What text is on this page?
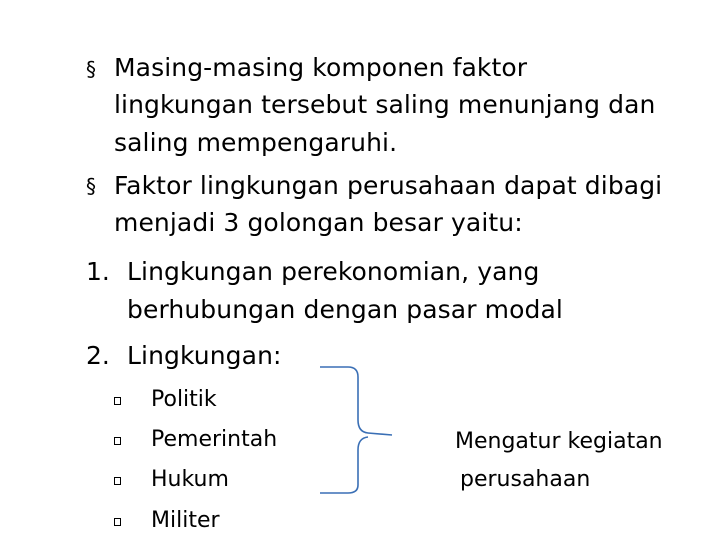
§ Masing-masing komponen faktor
lingkungan tersebut saling menunjang dan
saling mempengaruhi.
§ Faktor lingkungan perusahaan dapat dibagi
menjadi 3 golongan besar yaitu:
1. Lingkungan perekonomian, yang
berhubungan dengan pasar modal
2. Lingkungan:
Politik
Pemerintah
Hukum
Militer
Mengatur kegiatan
perusahaan
